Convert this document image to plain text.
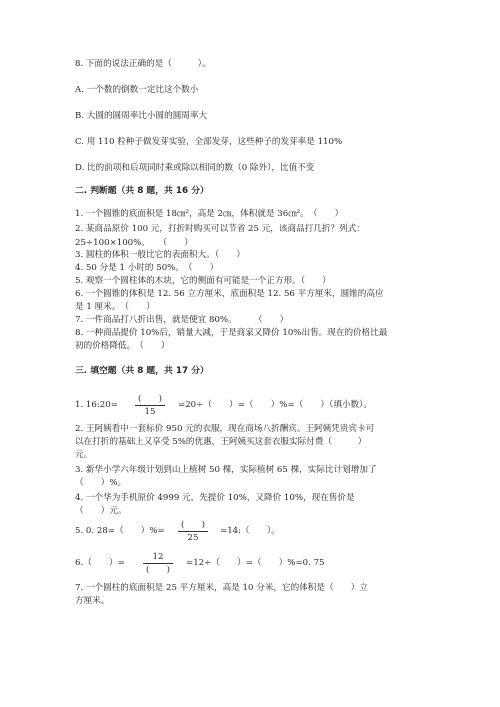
8. 下面的说法正确的是（　　　）。
A. 一个数的倒数一定比这个数小
B. 大圆的圆周率比小圆的圆周率大
C. 用 110 粒种子做发芽实验，全部发芽，这些种子的发芽率是 110%
D. 比的前项和后项同时乘或除以相同的数（0 除外），比值不变
二. 判断题（共 8 题，共 16 分）
1. 一个圆锥的底面积是 18㎝²，高是 2㎝，体积就是 36㎝²。　（　　）
2. 某商品原价 100 元，打折时购买可以节省 25 元，该商品打几折？列式：
25÷100×100%。　　（　　）
3. 圆柱的体积一般比它的表面积大。（　　）
4. 50 分是 1 小时的 50%。　（　　）
5. 观察一个圆柱体的木块，它的侧面有可能是一个正方形。（　　）
6. 一个圆锥的体积是 12. 56 立方厘米，底面积是 12. 56 平方厘米，圆锥的高应
是 1 厘米。　（　　）
7. 一件商品打八折出售，就是便宜 80%。　　　（　　）
8. 一种商品提价 10%后，销量大减，于是商家又降价 10%出售。现在的价格比最
初的价格降低。　（　　）
三. 填空题（共 8 题，共 17 分）
1. 16:20=
(　　)
15
=20÷（　　）=（　　）%=（　　）（填小数）。
2. 王阿姨看中一套标价 950 元的衣服，现在商场八折酬宾。王阿姨凭贵宾卡可
以在打折的基础上又享受 5%的优惠，王阿姨买这套衣服实际付费（　　　）
元。
3. 新华小学六年级计划到山上植树 50 棵，实际植树 65 棵，实际比计划增加了
（　　）%。
4. 一个华为手机原价 4999 元，先提价 10%，又降价 10%，现在售价是
（　　）元。
5. 0. 28=（　　）%=
(　　)
25
=14:（　　）。
6.（　　）=
12
(　　)
=12÷（　　）=（　　）%=0. 75
7. 一个圆柱的底面积是 25 平方厘米，高是 10 分米，它的体积是（　　）立
方厘米。
